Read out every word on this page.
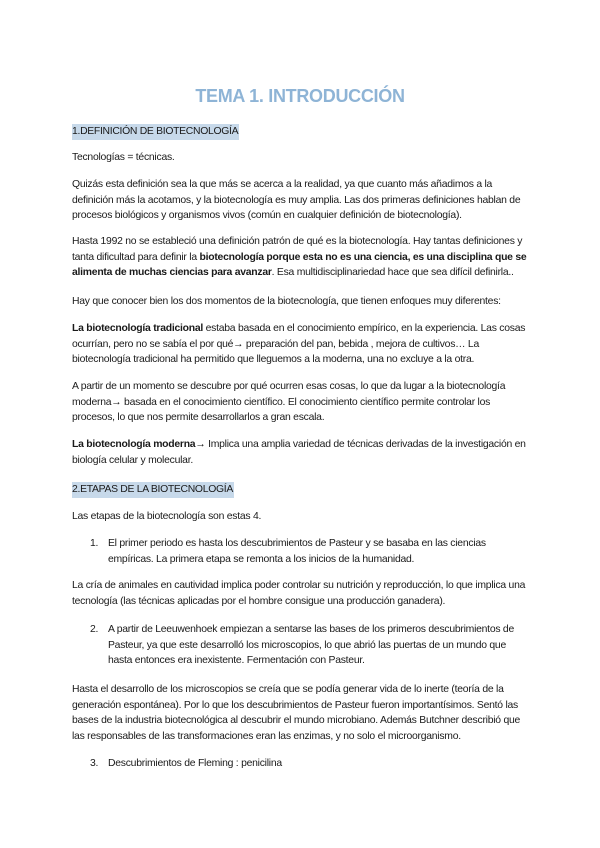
TEMA 1. INTRODUCCIÓN
1.DEFINICIÓN DE BIOTECNOLOGÍA

Tecnologías = técnicas.

Quizás esta definición sea la que más se acerca a la realidad, ya que cuanto más añadimos a la definición más la acotamos, y la biotecnología es muy amplia. Las dos primeras definiciones hablan de procesos biológicos y organismos vivos (común en cualquier definición de biotecnología).

Hasta 1992 no se estableció una definición patrón de qué es la biotecnología. Hay tantas definiciones y tanta dificultad para definir la biotecnología porque esta no es una ciencia, es una disciplina que se alimenta de muchas ciencias para avanzar. Esa multidisciplinariedad hace que sea difícil definirla..

Hay que conocer bien los dos momentos de la biotecnología, que tienen enfoques muy diferentes:

La biotecnología tradicional estaba basada en el conocimiento empírico, en la experiencia. Las cosas ocurrían, pero no se sabía el por qué→ preparación del pan, bebida , mejora de cultivos… La biotecnología tradicional ha permitido que lleguemos a la moderna, una no excluye a la otra.

A partir de un momento se descubre por qué ocurren esas cosas, lo que da lugar a la biotecnología moderna→ basada en el conocimiento científico. El conocimiento científico permite controlar los procesos, lo que nos permite desarrollarlos a gran escala.

La biotecnología moderna→ Implica una amplia variedad de técnicas derivadas de la investigación en biología celular y molecular.

2.ETAPAS DE LA BIOTECNOLOGÍA

Las etapas de la biotecnología son estas 4.

1. El primer periodo es hasta los descubrimientos de Pasteur y se basaba en las ciencias empíricas. La primera etapa se remonta a los inicios de la humanidad.

La cría de animales en cautividad implica poder controlar su nutrición y reproducción, lo que implica una tecnología (las técnicas aplicadas por el hombre consigue una producción ganadera).

2. A partir de Leeuwenhoek empiezan a sentarse las bases de los primeros descubrimientos de Pasteur, ya que este desarrolló los microscopios, lo que abrió las puertas de un mundo que hasta entonces era inexistente. Fermentación con Pasteur.

Hasta el desarrollo de los microscopios se creía que se podía generar vida de lo inerte (teoría de la generación espontánea). Por lo que los descubrimientos de Pasteur fueron importantísimos. Sentó las bases de la industria biotecnológica al descubrir el mundo microbiano. Además Butchner describió que las responsables de las transformaciones eran las enzimas, y no solo el microorganismo.

3. Descubrimientos de Fleming : penicilina
